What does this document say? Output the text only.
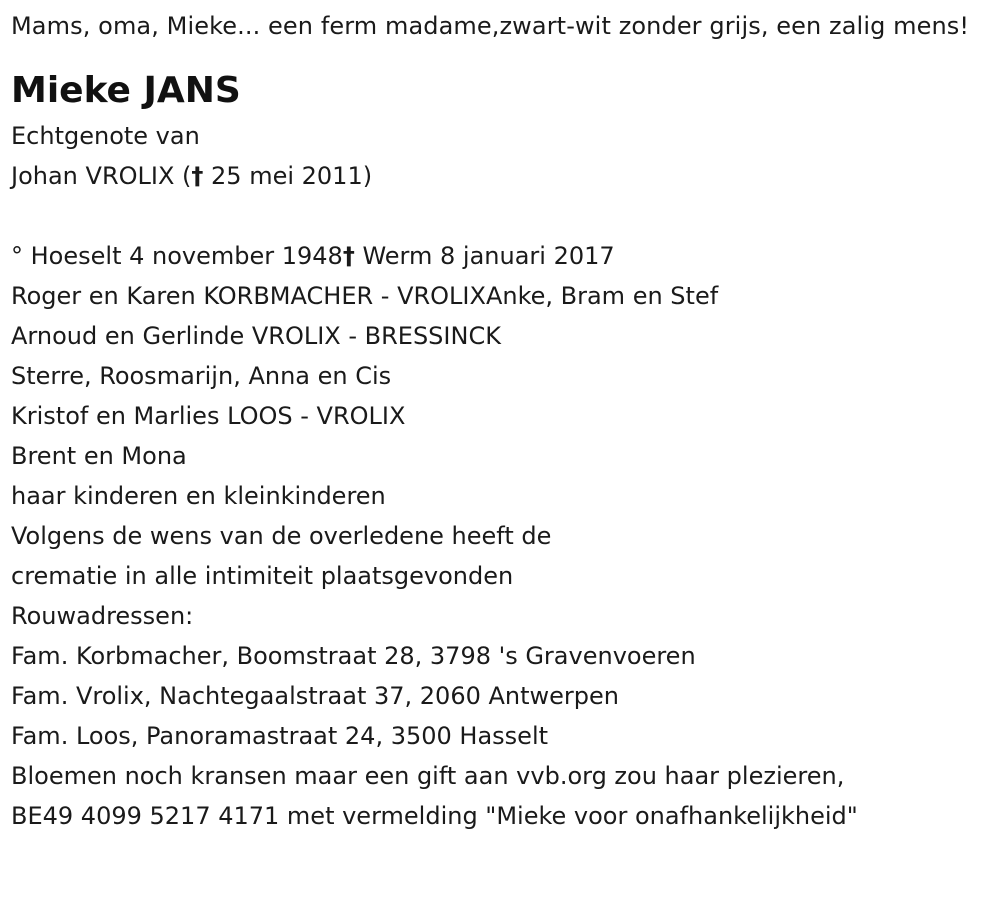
Mams, oma, Mieke... een ferm madame,zwart-wit zonder grijs, een zalig mens!

Mieke JANS

Echtgenote van

Johan VROLIX († 25 mei 2011)

° Hoeselt 4 november 1948† Werm 8 januari 2017

Roger en Karen KORBMACHER - VROLIXAnke, Bram en Stef

Arnoud en Gerlinde VROLIX - BRESSINCK

Sterre, Roosmarijn, Anna en Cis

Kristof en Marlies LOOS - VROLIX

Brent en Mona

haar kinderen en kleinkinderen

Volgens de wens van de overledene heeft de

crematie in alle intimiteit plaatsgevonden

Rouwadressen:

Fam. Korbmacher, Boomstraat 28, 3798 's Gravenvoeren

Fam. Vrolix, Nachtegaalstraat 37, 2060 Antwerpen

Fam. Loos, Panoramastraat 24, 3500 Hasselt

Bloemen noch kransen maar een gift aan vvb.org zou haar plezieren,

BE49 4099 5217 4171 met vermelding "Mieke voor onafhankelijkheid"
